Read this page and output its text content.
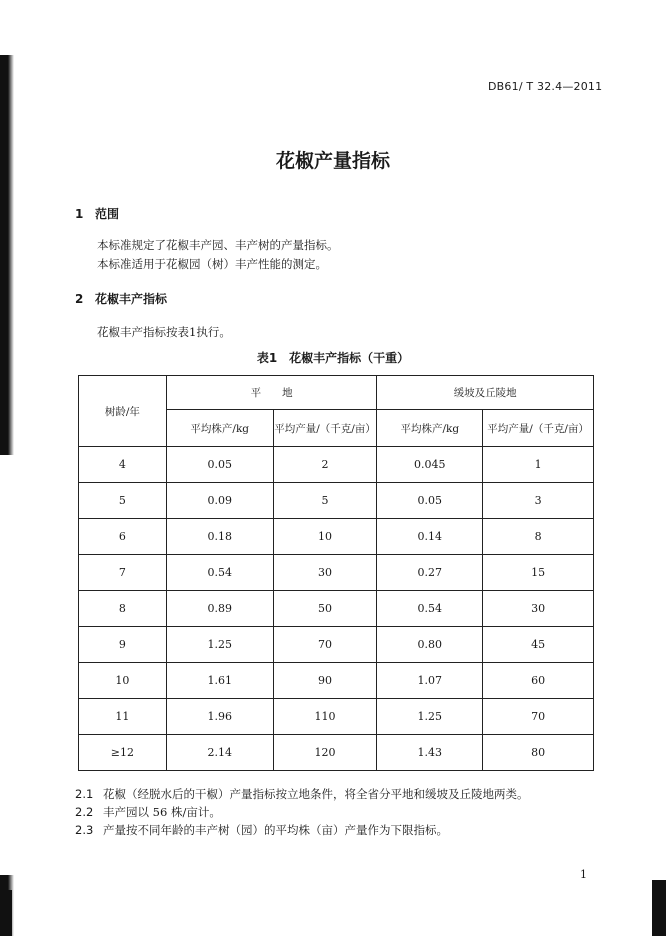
DB61/ T 32.4—2011
花椒产量指标
1 范围
本标准规定了花椒丰产园、丰产树的产量指标。
本标准适用于花椒园（树）丰产性能的测定。
2 花椒丰产指标
花椒丰产指标按表1执行。
表1　花椒丰产指标（干重）
树龄/年	平　　地		缓坡及丘陵地	
	平均株产/kg	平均产量/（千克/亩）	平均株产/kg	平均产量/（千克/亩）
4	0.05	2	0.045	1
5	0.09	5	0.05	3
6	0.18	10	0.14	8
7	0.54	30	0.27	15
8	0.89	50	0.54	30
9	1.25	70	0.80	45
10	1.61	90	1.07	60
11	1.96	110	1.25	70
≥12	2.14	120	1.43	80
2.1 花椒（经脱水后的干椒）产量指标按立地条件，将全省分平地和缓坡及丘陵地两类。
2.2 丰产园以 56 株/亩计。
2.3 产量按不同年龄的丰产树（园）的平均株（亩）产量作为下限指标。
1
